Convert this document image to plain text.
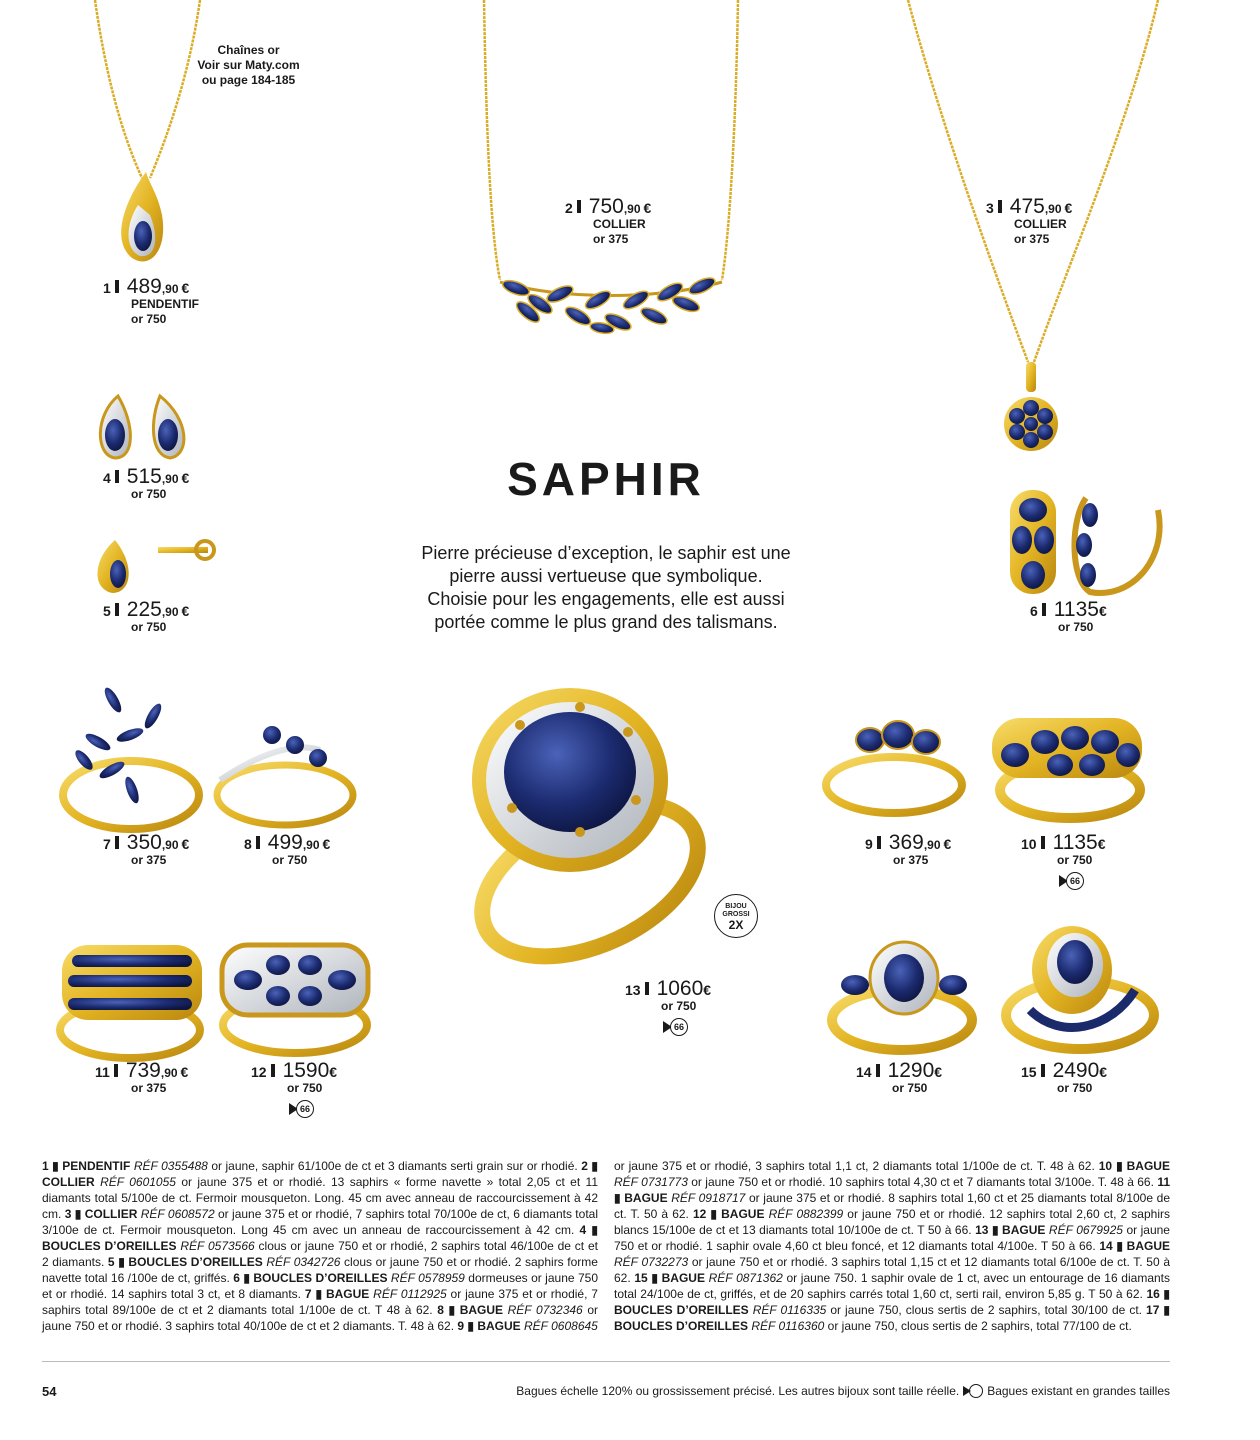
Chaînes or
Voir sur Maty.com
ou page 184-185
SAPHIR
Pierre précieuse d’exception, le saphir est une
pierre aussi vertueuse que symbolique.
Choisie pour les engagements, elle est aussi
portée comme le plus grand des talismans.
1 489 ,90 €
PENDENTIF
or 750
2 750 ,90 €
COLLIER
or 375
3 475 ,90 €
COLLIER
or 375
4 515 ,90 €
or 750
5 225 ,90 €
or 750
6 1135 €
or 750
7 350 ,90 €
or 375
8 499 ,90 €
or 750
9 369 ,90 €
or 375
10 1135 €
or 750
66
11 739 ,90 €
or 375
12 1590 €
or 750
66
13 1060 €
or 750
66
14 1290 €
or 750
15 2490 €
or 750
BIJOU
GROSSI
2X
1 ▮ PENDENTIF RÉF 0355488 or jaune, saphir 61/100e de ct et 3 diamants serti grain sur or rhodié. 2 ▮ COLLIER RÉF 0601055 or jaune 375 et or rhodié. 13 saphirs « forme navette » total 2,05 ct et 11 diamants total 5/100e de ct. Fermoir mousqueton. Long. 45 cm avec anneau de raccourcissement à 42 cm. 3 ▮ COLLIER RÉF 0608572 or jaune 375 et or rhodié, 7 saphirs total 70/100e de ct, 6 diamants total 3/100e de ct. Fermoir mousqueton. Long 45 cm avec un anneau de raccourcissement à 42 cm. 4 ▮ BOUCLES D’OREILLES RÉF 0573566 clous or jaune 750 et or rhodié, 2 saphirs total 46/100e de ct et 2 diamants. 5 ▮ BOUCLES D’OREILLES RÉF 0342726 clous or jaune 750 et or rhodié. 2 saphirs forme navette total 16 /100e de ct, griffés. 6 ▮ BOUCLES D’OREILLES RÉF 0578959 dormeuses or jaune 750 et or rhodié. 14 saphirs total 3 ct, et 8 diamants. 7 ▮ BAGUE RÉF 0112925 or jaune 375 et or rhodié, 7 saphirs total 89/100e de ct et 2 diamants total 1/100e de ct. T 48 à 62. 8 ▮ BAGUE RÉF 0732346 or jaune 750 et or rhodié. 3 saphirs total 40/100e de ct et 2 diamants. T. 48 à 62. 9 ▮ BAGUE RÉF 0608645
or jaune 375 et or rhodié, 3 saphirs total 1,1 ct, 2 diamants total 1/100e de ct. T. 48 à 62. 10 ▮ BAGUE RÉF 0731773 or jaune 750 et or rhodié. 10 saphirs total 4,30 ct et 7 diamants total 3/100e. T. 48 à 66. 11 ▮ BAGUE RÉF 0918717 or jaune 375 et or rhodié. 8 saphirs total 1,60 ct et 25 diamants total 8/100e de ct. T. 50 à 62. 12 ▮ BAGUE RÉF 0882399 or jaune 750 et or rhodié. 12 saphirs total 2,60 ct, 2 saphirs blancs 15/100e de ct et 13 diamants total 10/100e de ct. T 50 à 66. 13 ▮ BAGUE RÉF 0679925 or jaune 750 et or rhodié. 1 saphir ovale 4,60 ct bleu foncé, et 12 diamants total 4/100e. T 50 à 66. 14 ▮ BAGUE RÉF 0732273 or jaune 750 et or rhodié. 3 saphirs total 1,15 ct et 12 diamants total 6/100e de ct. T. 50 à 62. 15 ▮ BAGUE RÉF 0871362 or jaune 750. 1 saphir ovale de 1 ct, avec un entourage de 16 diamants total 24/100e de ct, griffés, et de 20 saphirs carrés total 1,60 ct, serti rail, environ 5,85 g. T 50 à 62. 16 ▮ BOUCLES D’OREILLES RÉF 0116335 or jaune 750, clous sertis de 2 saphirs, total 30/100 de ct. 17 ▮ BOUCLES D’OREILLES RÉF 0116360 or jaune 750, clous sertis de 2 saphirs, total 77/100 de ct.
54	Bagues échelle 120% ou grossissement précisé. Les autres bijoux sont taille réelle. Bagues existant en grandes tailles
